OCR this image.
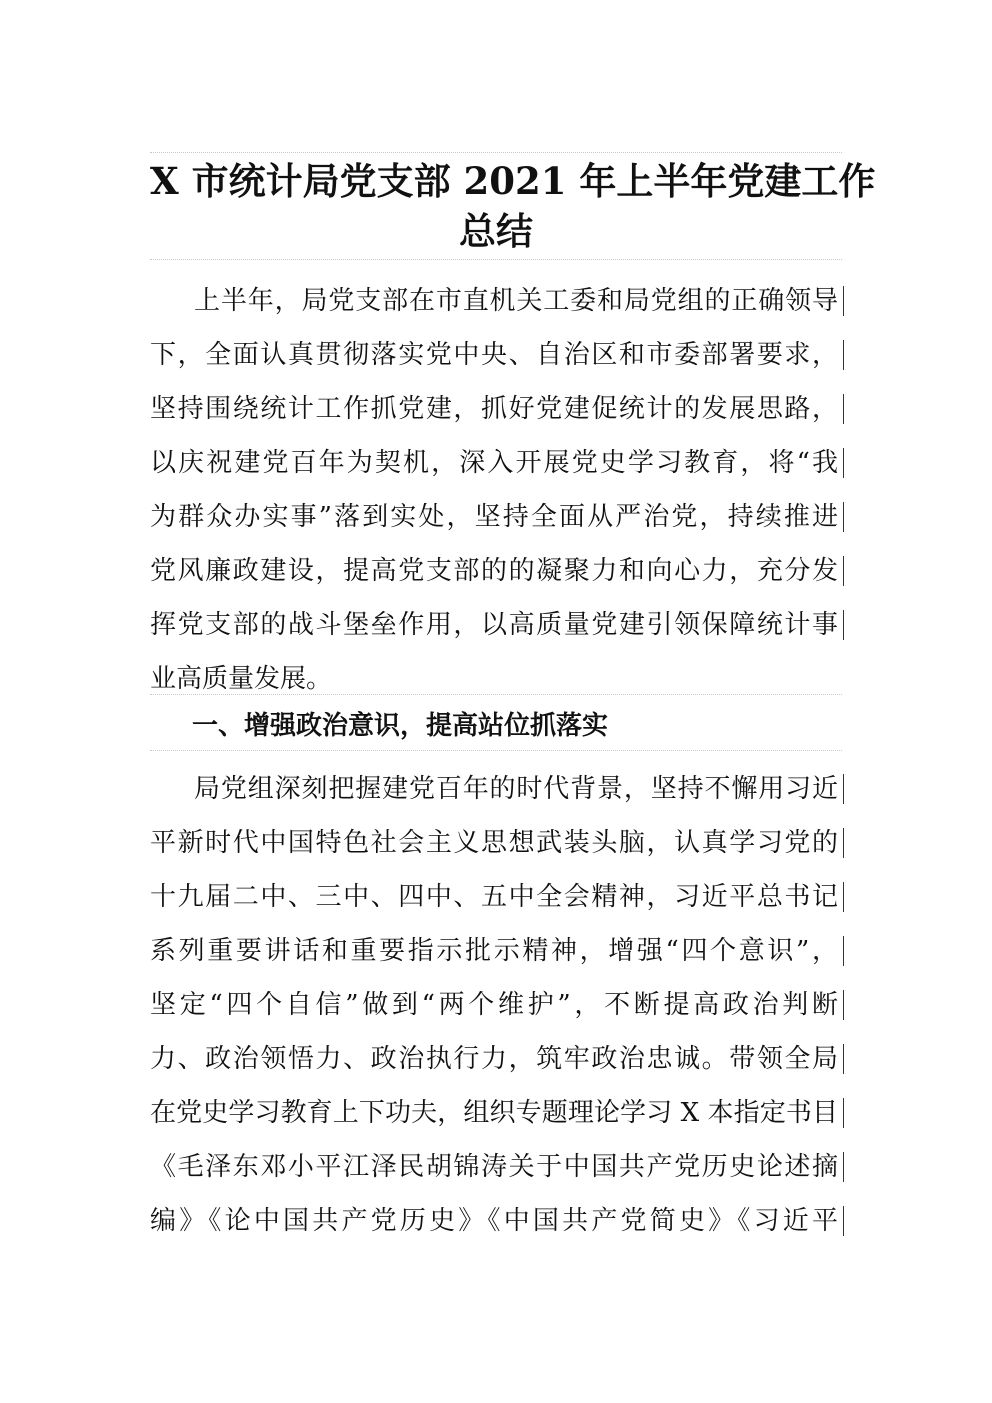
X 市统计局党支部 2021 年上半年党建工作
总结
上半年，局党支部在市直机关工委和局党组的正确领导
下，全面认真贯彻落实党中央、自治区和市委部署要求，
坚持围绕统计工作抓党建，抓好党建促统计的发展思路，
以庆祝建党百年为契机，深入开展党史学习教育，将“我
为群众办实事”落到实处，坚持全面从严治党，持续推进
党风廉政建设，提高党支部的的凝聚力和向心力，充分发
挥党支部的战斗堡垒作用，以高质量党建引领保障统计事
业高质量发展。
一、增强政治意识，提高站位抓落实
局党组深刻把握建党百年的时代背景，坚持不懈用习近
平新时代中国特色社会主义思想武装头脑，认真学习党的
十九届二中、三中、四中、五中全会精神，习近平总书记
系列重要讲话和重要指示批示精神，增强“四个意识”，
坚定“四个自信”做到“两个维护”，不断提高政治判断
力、政治领悟力、政治执行力，筑牢政治忠诚。带领全局
在党史学习教育上下功夫，组织专题理论学习 X 本指定书目
《毛泽东邓小平江泽民胡锦涛关于中国共产党历史论述摘
编》《论中国共产党历史》《中国共产党简史》《习近平
